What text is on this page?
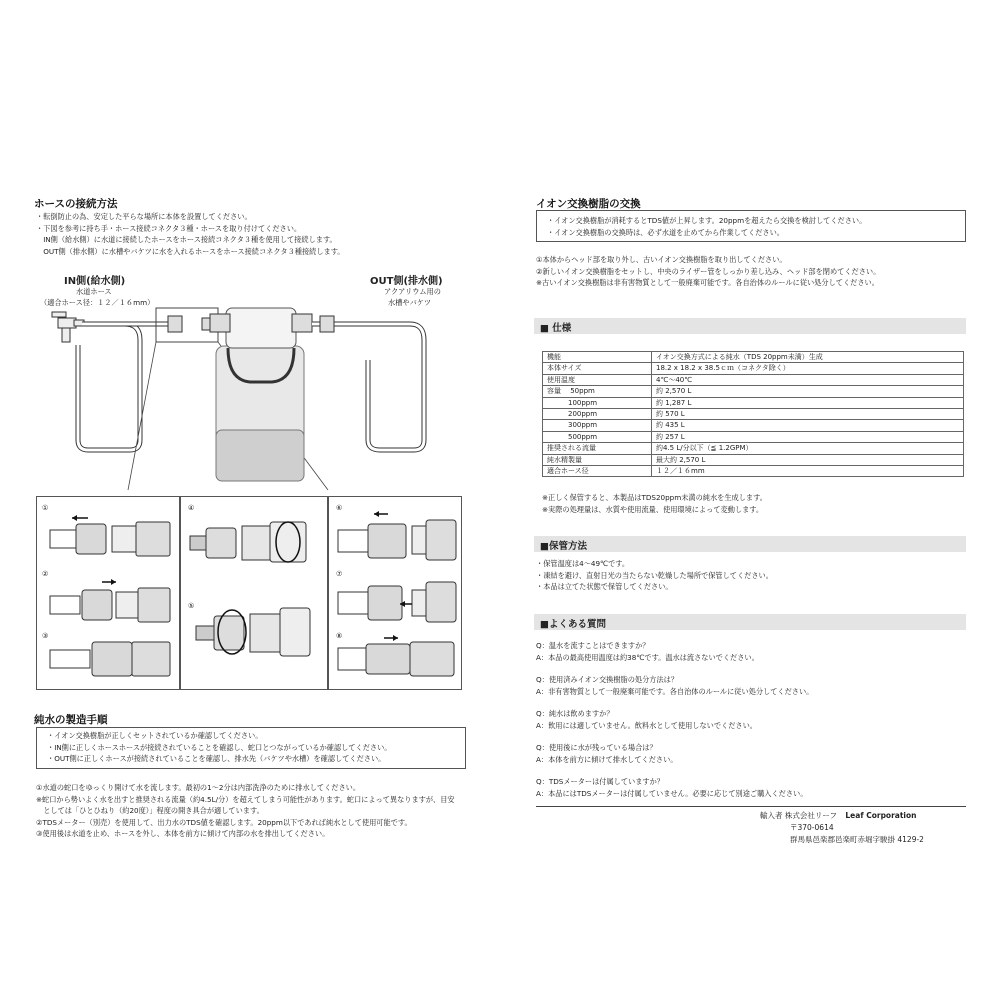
ホースの接続方法
・転倒防止の為、安定した平らな場所に本体を設置してください。
・下図を参考に持ち手・ホース接続コネクタ３種・ホースを取り付けてください。
　IN側（給水側）に水道に接続したホースをホース接続コネクタ３種を使用して接続します。
　OUT側（排水側）に水槽やバケツに水を入れるホースをホース接続コネクタ３種接続します。
IN側(給水側)
水道ホース
（適合ホース径：１２／１６mm）
OUT側(排水側)
アクアリウム用の
水槽やバケツ
①
②
③
④
⑤
⑥
⑦
⑧
純水の製造手順
・イオン交換樹脂が正しくセットされているか確認してください。
・IN側に正しくホースホースが接続されていることを確認し、蛇口とつながっているか確認してください。
・OUT側に正しくホースが接続されていることを確認し、排水先（バケツや水槽）を確認してください。
①水道の蛇口をゆっくり開けて水を流します。最初の1～2分は内部洗浄のために排水してください。
※蛇口から勢いよく水を出すと推奨される流量（約4.5L/分）を超えてしまう可能性があります。蛇口によって異なりますが、目安
　としては「ひとひねり（約20度）」程度の開き具合が適しています。
②TDSメーター（別売）を使用して、出力水のTDS値を確認します。20ppm以下であれば純水として使用可能です。
③使用後は水道を止め、ホースを外し、本体を前方に傾けて内部の水を排出してください。
イオン交換樹脂の交換
・イオン交換樹脂が消耗するとTDS値が上昇します。20ppmを超えたら交換を検討してください。
・イオン交換樹脂の交換時は、必ず水道を止めてから作業してください。
①本体からヘッド部を取り外し、古いイオン交換樹脂を取り出してください。
②新しいイオン交換樹脂をセットし、中央のライザー管をしっかり差し込み、ヘッド部を閉めてください。
※古いイオン交換樹脂は非有害物質として一般廃棄可能です。各自治体のルールに従い処分してください。
■ 仕様
機能	イオン交換方式による純水（TDS 20ppm未満）生成
本体サイズ	18.2 x 18.2 x 38.5ｃｍ（コネクタ除く）
使用温度	4℃～40℃
容量　 50ppm	約 2,570 L
　　　100ppm	約 1,287 L
　　　200ppm	約 570 L
　　　300ppm	約 435 L
　　　500ppm	約 257 L
推奨される流量	約4.5 L/分以下（≦ 1.2GPM）
純水精製量	最大約 2,570 L
適合ホース径	１２／１６mm
※正しく保管すると、本製品はTDS20ppm未満の純水を生成します。
※実際の処理量は、水質や使用流量、使用環境によって変動します。
■保管方法
・保管温度は4～49℃です。
・凍結を避け、直射日光の当たらない乾燥した場所で保管してください。
・本品は立てた状態で保管してください。
■よくある質問
Q：温水を流すことはできますか？
A：本品の最高使用温度は約38℃です。温水は流さないでください。
Q：使用済みイオン交換樹脂の処分方法は？
A：非有害物質として一般廃棄可能です。各自治体のルールに従い処分してください。
Q：純水は飲めますか？
A：飲用には適していません。飲料水として使用しないでください。
Q：使用後に水が残っている場合は？
A：本体を前方に傾けて排水してください。
Q：TDSメーターは付属していますか？
A：本品にはTDSメーターは付属していません。必要に応じて別途ご購入ください。
輸入者 株式会社リーフ Leaf Corporation
〒370-0614
群馬県邑楽郡邑楽町赤堀字駿掛 4129-2
